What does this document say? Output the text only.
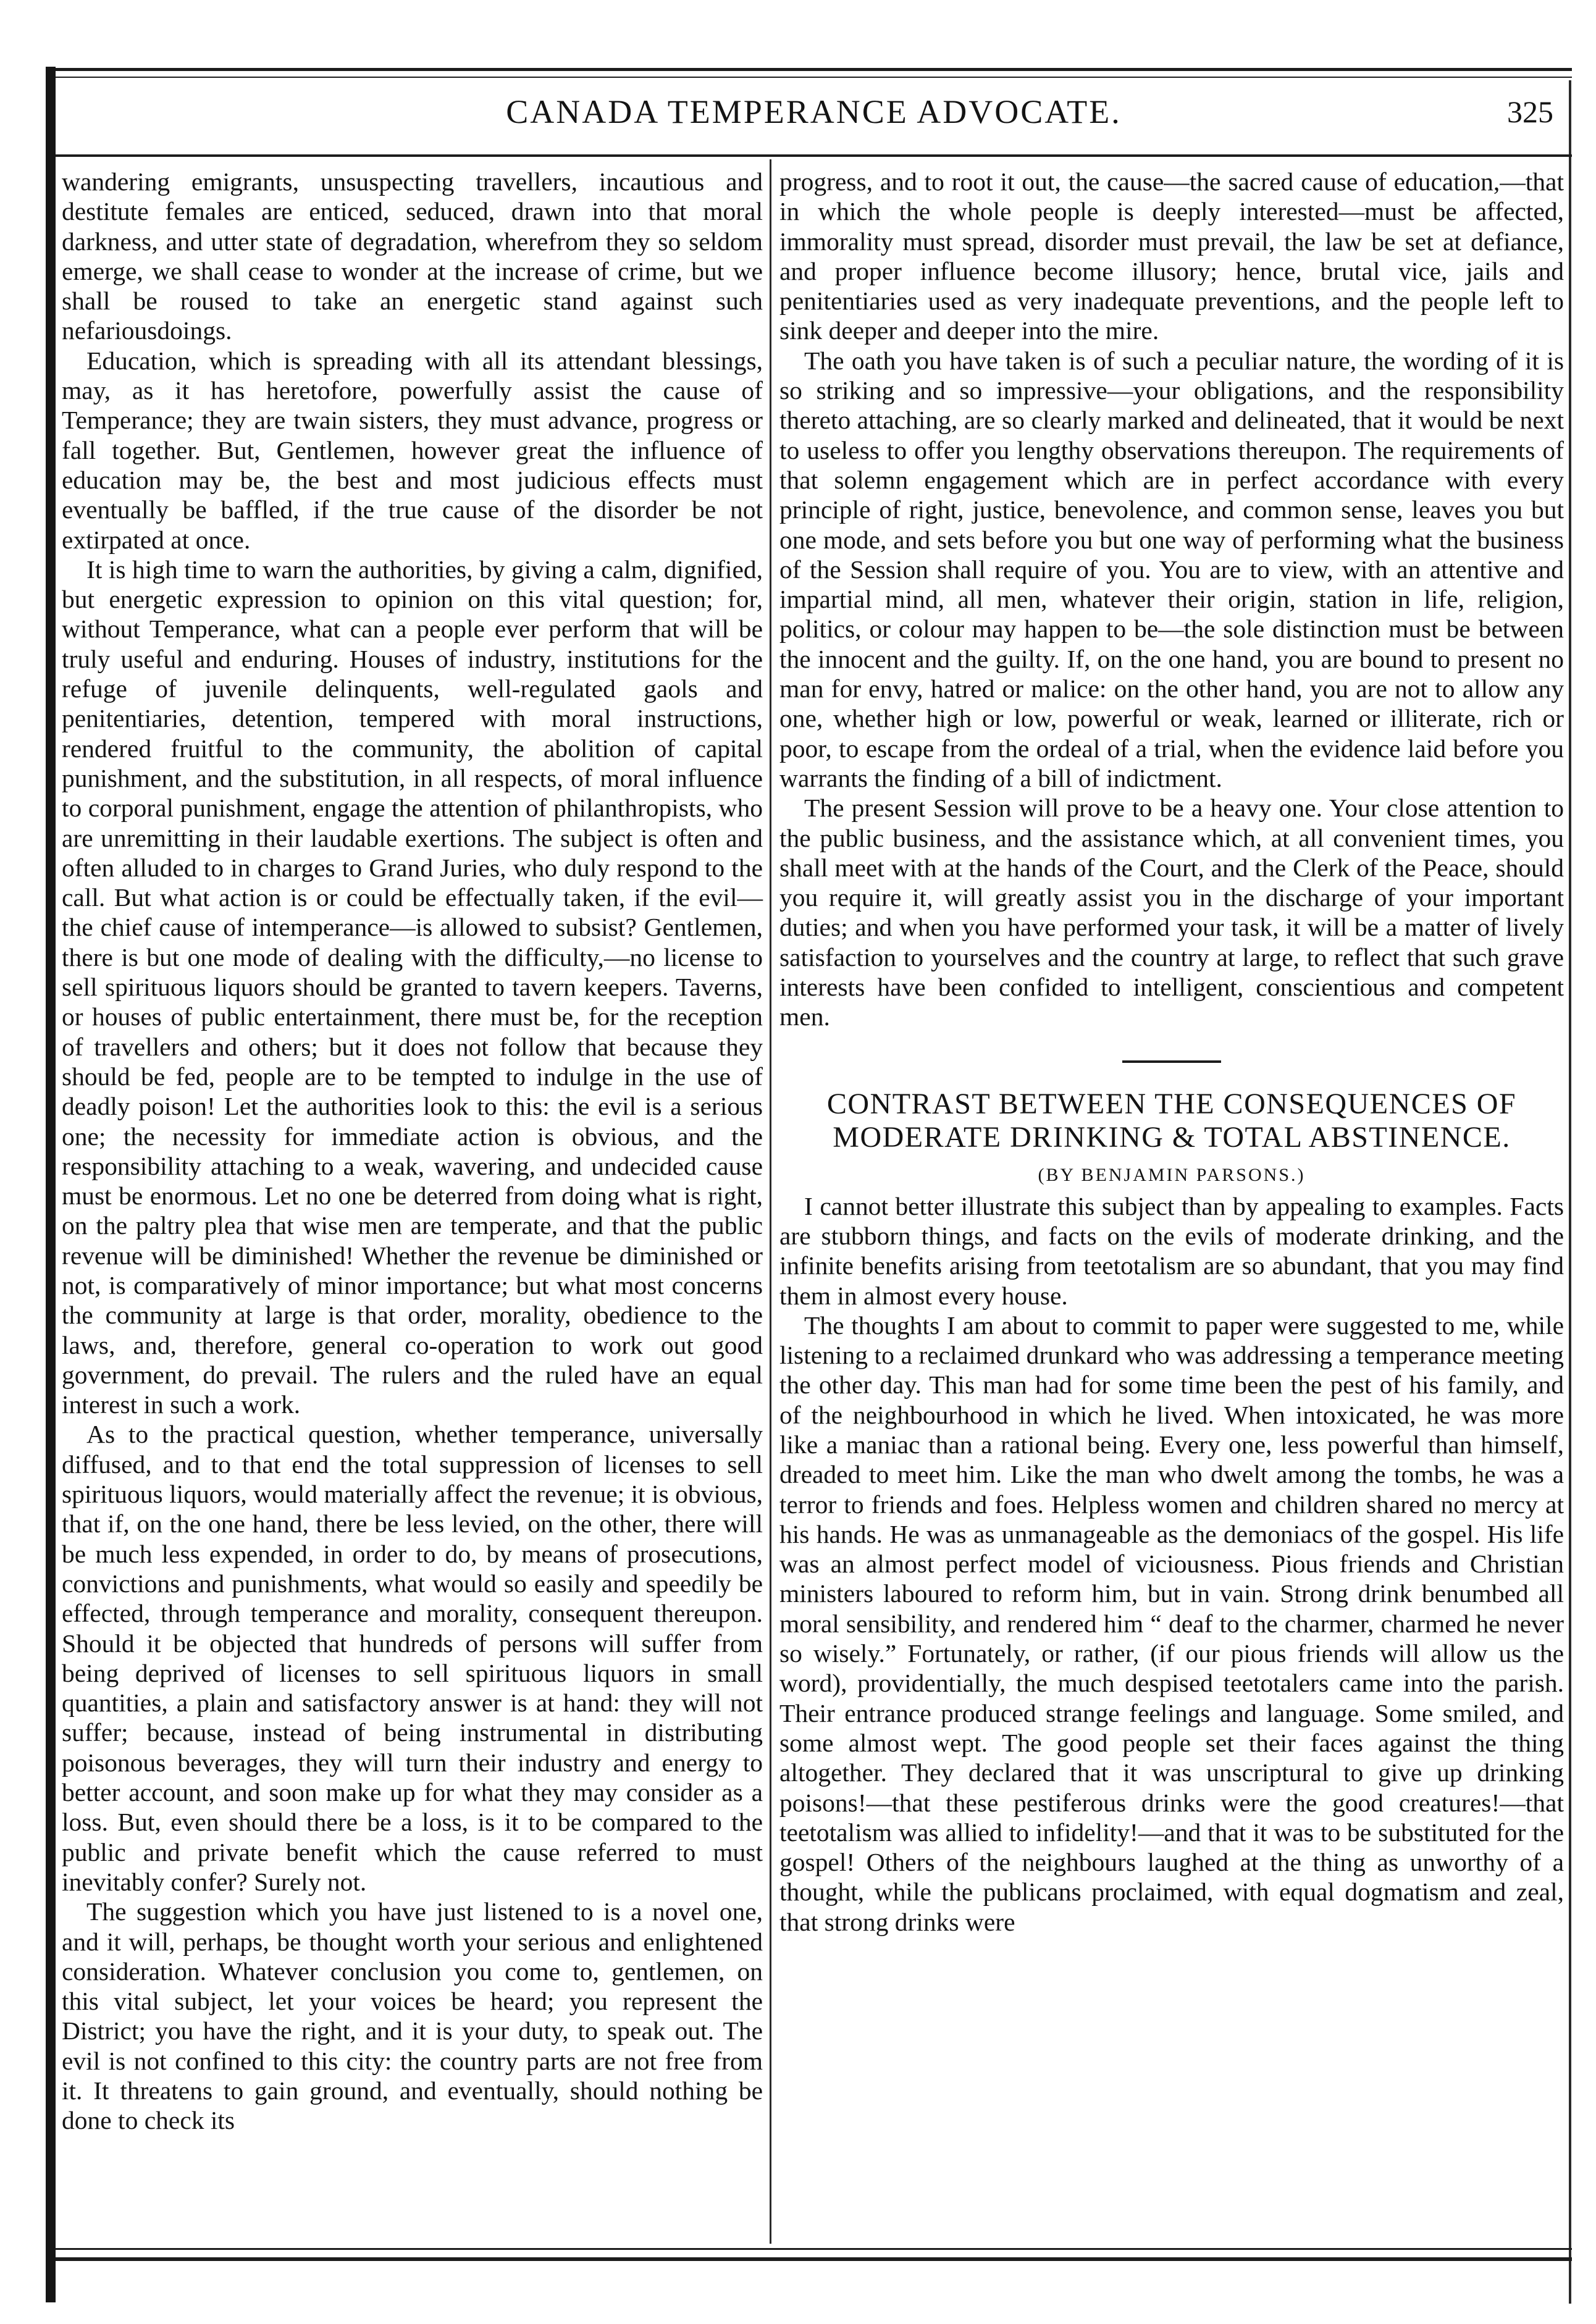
CANADA TEMPERANCE ADVOCATE.	325

wandering emigrants, unsuspecting travellers, incautious and destitute females are enticed, seduced, drawn into that moral darkness, and utter state of degradation, wherefrom they so seldom emerge, we shall cease to wonder at the increase of crime, but we shall be roused to take an energetic stand against such nefariousdoings.

Education, which is spreading with all its attendant blessings, may, as it has heretofore, powerfully assist the cause of Temperance; they are twain sisters, they must advance, progress or fall together. But, Gentlemen, however great the influence of education may be, the best and most judicious effects must eventually be baffled, if the true cause of the disorder be not extirpated at once.

It is high time to warn the authorities, by giving a calm, dignified, but energetic expression to opinion on this vital question; for, without Temperance, what can a people ever perform that will be truly useful and enduring. Houses of industry, institutions for the refuge of juvenile delinquents, well-regulated gaols and penitentiaries, detention, tempered with moral instructions, rendered fruitful to the community, the abolition of capital punishment, and the substitution, in all respects, of moral influence to corporal punishment, engage the attention of philanthropists, who are unremitting in their laudable exertions. The subject is often and often alluded to in charges to Grand Juries, who duly respond to the call. But what action is or could be effectually taken, if the evil—the chief cause of intemperance—is allowed to subsist? Gentlemen, there is but one mode of dealing with the difficulty,—no license to sell spirituous liquors should be granted to tavern keepers. Taverns, or houses of public entertainment, there must be, for the reception of travellers and others; but it does not follow that because they should be fed, people are to be tempted to indulge in the use of deadly poison! Let the authorities look to this: the evil is a serious one; the necessity for immediate action is obvious, and the responsibility attaching to a weak, wavering, and undecided cause must be enormous. Let no one be deterred from doing what is right, on the paltry plea that wise men are temperate, and that the public revenue will be diminished! Whether the revenue be diminished or not, is comparatively of minor importance; but what most concerns the community at large is that order, morality, obedience to the laws, and, therefore, general co-operation to work out good government, do prevail. The rulers and the ruled have an equal interest in such a work.

As to the practical question, whether temperance, universally diffused, and to that end the total suppression of licenses to sell spirituous liquors, would materially affect the revenue; it is obvious, that if, on the one hand, there be less levied, on the other, there will be much less expended, in order to do, by means of prosecutions, convictions and punishments, what would so easily and speedily be effected, through temperance and morality, consequent thereupon. Should it be objected that hundreds of persons will suffer from being deprived of licenses to sell spirituous liquors in small quantities, a plain and satisfactory answer is at hand: they will not suffer; because, instead of being instrumental in distributing poisonous beverages, they will turn their industry and energy to better account, and soon make up for what they may consider as a loss. But, even should there be a loss, is it to be compared to the public and private benefit which the cause referred to must inevitably confer? Surely not.

The suggestion which you have just listened to is a novel one, and it will, perhaps, be thought worth your serious and enlightened consideration. Whatever conclusion you come to, gentlemen, on this vital subject, let your voices be heard; you represent the District; you have the right, and it is your duty, to speak out. The evil is not confined to this city: the country parts are not free from it. It threatens to gain ground, and eventually, should nothing be done to check its

progress, and to root it out, the cause—the sacred cause of education,—that in which the whole people is deeply interested—must be affected, immorality must spread, disorder must prevail, the law be set at defiance, and proper influence become illusory; hence, brutal vice, jails and penitentiaries used as very inadequate preventions, and the people left to sink deeper and deeper into the mire.

The oath you have taken is of such a peculiar nature, the wording of it is so striking and so impressive—your obligations, and the responsibility thereto attaching, are so clearly marked and delineated, that it would be next to useless to offer you lengthy observations thereupon. The requirements of that solemn engagement which are in perfect accordance with every principle of right, justice, benevolence, and common sense, leaves you but one mode, and sets before you but one way of performing what the business of the Session shall require of you. You are to view, with an attentive and impartial mind, all men, whatever their origin, station in life, religion, politics, or colour may happen to be—the sole distinction must be between the innocent and the guilty. If, on the one hand, you are bound to present no man for envy, hatred or malice: on the other hand, you are not to allow any one, whether high or low, powerful or weak, learned or illiterate, rich or poor, to escape from the ordeal of a trial, when the evidence laid before you warrants the finding of a bill of indictment.

The present Session will prove to be a heavy one. Your close attention to the public business, and the assistance which, at all convenient times, you shall meet with at the hands of the Court, and the Clerk of the Peace, should you require it, will greatly assist you in the discharge of your important duties; and when you have performed your task, it will be a matter of lively satisfaction to yourselves and the country at large, to reflect that such grave interests have been confided to intelligent, conscientious and competent men.

CONTRAST BETWEEN THE CONSEQUENCES OF MODERATE DRINKING & TOTAL ABSTINENCE.
(BY BENJAMIN PARSONS.)

I cannot better illustrate this subject than by appealing to examples. Facts are stubborn things, and facts on the evils of moderate drinking, and the infinite benefits arising from teetotalism are so abundant, that you may find them in almost every house.

The thoughts I am about to commit to paper were suggested to me, while listening to a reclaimed drunkard who was addressing a temperance meeting the other day. This man had for some time been the pest of his family, and of the neighbourhood in which he lived. When intoxicated, he was more like a maniac than a rational being. Every one, less powerful than himself, dreaded to meet him. Like the man who dwelt among the tombs, he was a terror to friends and foes. Helpless women and children shared no mercy at his hands. He was as unmanageable as the demoniacs of the gospel. His life was an almost perfect model of viciousness. Pious friends and Christian ministers laboured to reform him, but in vain. Strong drink benumbed all moral sensibility, and rendered him “ deaf to the charmer, charmed he never so wisely.” Fortunately, or rather, (if our pious friends will allow us the word), providentially, the much despised teetotalers came into the parish. Their entrance produced strange feelings and language. Some smiled, and some almost wept. The good people set their faces against the thing altogether. They declared that it was unscriptural to give up drinking poisons!—that these pestiferous drinks were the good creatures!—that teetotalism was allied to infidelity!—and that it was to be substituted for the gospel! Others of the neighbours laughed at the thing as unworthy of a thought, while the publicans proclaimed, with equal dogmatism and zeal, that strong drinks were
